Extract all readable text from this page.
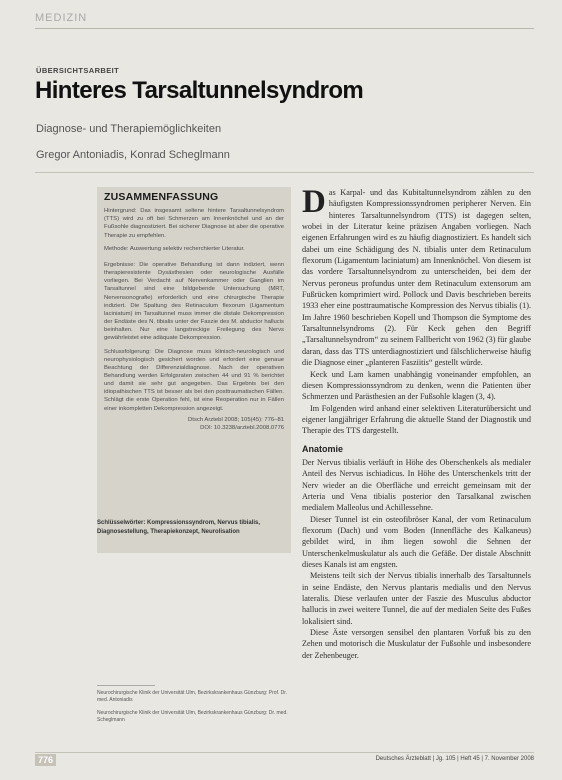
MEDIZIN
ÜBERSICHTSARBEIT
Hinteres Tarsaltunnelsyndrom
Diagnose- und Therapiemöglichkeiten
Gregor Antoniadis, Konrad Scheglmann
ZUSAMMENFASSUNG

Hintergrund: Das insgesamt seltene hintere Tarsaltunnelsyndrom (TTS) wird zu oft bei Schmerzen am Innenknöchel und an der Fußsohle diagnostiziert. Bei sicherer Diagnose ist aber die operative Therapie zu empfehlen.

Methode: Auswertung selektiv recherchierter Literatur.

Ergebnisse: Die operative Behandlung ist dann indiziert, wenn therapieresistente Dysästhesien oder neurologische Ausfälle vorliegen. Bei Verdacht auf Nervenkammer oder Ganglien im Tarsaltunnel sind eine bildgebende Untersuchung (MRT, Nervensonografie) erforderlich und eine chirurgische Therapie indiziert. Die Spaltung des Retinaculum flexorum (Ligamentum laciniatum) im Tarsaltunnel muss immer die distale Dekompression der Endäste des N. tibialis unter der Faszie des M. abductor hallucis beinhalten. Nur eine langstreckige Freilegung des Nervs gewährleistet eine adäquate Dekompression.

Schlussfolgerung: Die Diagnose muss klinisch-neurologisch und neurophysiologisch gesichert worden und erfordert eine genaue Beachtung der Differenzialdiagnose. Nach der operativen Behandlung werden Erfolgsraten zwischen 44 und 91 % berichtet und damit sie sehr gut angegeben. Das Ergebnis bei den idiopathischen TTS ist besser als bei den posttraumatischen Fällen. Schlägt die erste Operation fehl, ist eine Reoperation nur in Fällen einer inkompletten Dekompression angezeigt.

Dtsch Arztebl 2008; 105(45): 776–81
DOI: 10.3238/arztebl.2008.0776
Schlüsselwörter: Kompressionssyndrom, Nervus tibialis, Diagnosestellung, Therapiekonzept, Neurolisation
D as Karpal- und das Kubitaltunnelsyndrom zählen zu den häufigsten Kompressionssyndromen peripherer Nerven. Ein hinteres Tarsaltunnelsyndrom (TTS) ist dagegen selten, wobei in der Literatur keine präzisen Angaben vorliegen. Nach eigenen Erfahrungen wird es zu häufig diagnostiziert. Es handelt sich dabei um eine Schädigung des N. tibialis unter dem Retinaculum flexorum (Ligamentum laciniatum) am Innenknöchel. Von diesem ist das vordere Tarsaltunnelsyndrom zu unterscheiden, bei dem der Nervus peroneus profundus unter dem Retinaculum extensorum am Fußrücken komprimiert wird. Pollock und Davis beschrieben bereits 1933 eher eine posttraumatische Kompression des Nervus tibialis (1). Im Jahre 1960 beschrieben Kopell und Thompson die Symptome des Tarsaltunnelsyndroms (2). Für Keck gehen den Begriff „Tarsaltunnelsyndrom“ zu seinem Fallbericht von 1962 (3) für glaube daran, dass das TTS unterdiagnostiziert und fälschlicherweise häufig die Diagnose einer „planteren Fasziitis“ gestellt würde.

Keck und Lam kamen unabhängig voneinander empfohlen, an diesen Kompressionssyndrom zu denken, wenn die Patienten über Schmerzen und Parästhesien an der Fußsohle klagen (3, 4).

Im Folgenden wird anhand einer selektiven Literaturübersicht und eigener langjähriger Erfahrung die aktuelle Stand der Diagnostik und Therapie des TTS dargestellt.

Anatomie

Der Nervus tibialis verläuft in Höhe des Oberschenkels als medialer Anteil des Nervus ischiadicus. In Höhe des Unterschenkels tritt der Nerv wieder an die Oberfläche und erreicht gemeinsam mit der Arteria und Vena tibialis posterior den Tarsalkanal zwischen medialem Malleolus und Achillessehne.

Dieser Tunnel ist ein osteofibröser Kanal, der vom Retinaculum flexorum (Dach) und vom Boden (Innenfläche des Kalkaneus) gebildet wird, in ihm liegen sowohl die Sehnen der Unterschenkelmuskulatur als auch die Gefäße. Der distale Abschnitt dieses Kanals ist am engsten.

Meistens teilt sich der Nervus tibialis innerhalb des Tarsaltunnels in seine Endäste, den Nervus plantaris medialis und den Nervus lateralis. Diese verlaufen unter der Faszie des Musculus abductor hallucis in zwei weitere Tunnel, die auf der medialen Seite des Fußes lokalisiert sind.

Diese Äste versorgen sensibel den plantaren Vorfuß bis zu den Zehen und motorisch die Muskulatur der Fußsohle und insbesondere der Zehenbeuger.

Neurochirurgische Klinik der Universität Ulm, Bezirkskrankenhaus Günzburg: Prof. Dr. med. Antoniadis
Neurochirurgische Klinik der Universität Ulm, Bezirkskrankenhaus Günzburg: Dr. med. Scheglmann
776	Deutsches Ärzteblatt | Jg. 105 | Heft 45 | 7. November 2008
